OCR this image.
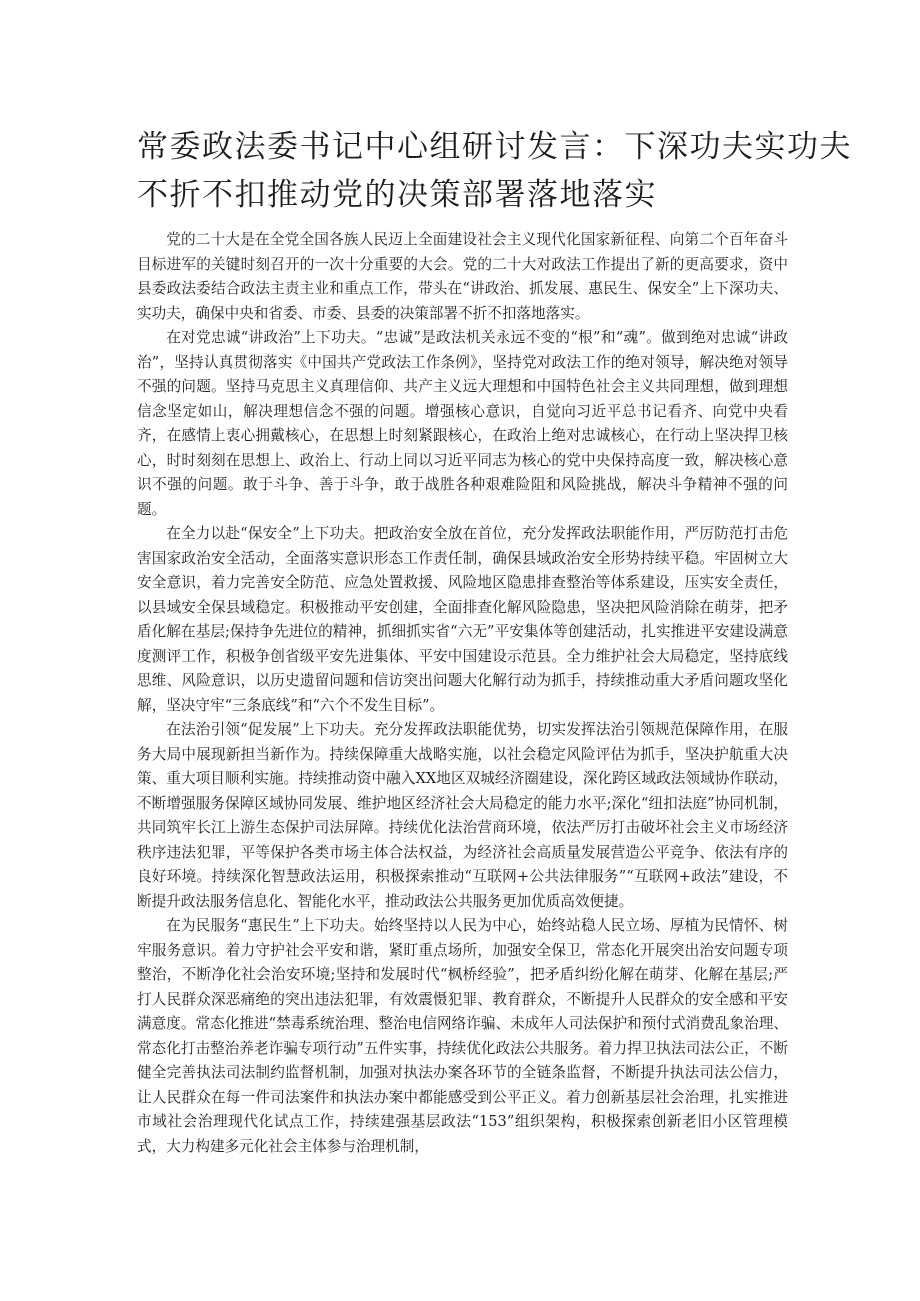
常委政法委书记中心组研讨发言：下深功夫实功夫
不折不扣推动党的决策部署落地落实

党的二十大是在全党全国各族人民迈上全面建设社会主义现代化国家新征程、向第二个百年奋斗目标进军的关键时刻召开的一次十分重要的大会。党的二十大对政法工作提出了新的更高要求，资中县委政法委结合政法主责主业和重点工作，带头在“讲政治、抓发展、惠民生、保安全”上下深功夫、实功夫，确保中央和省委、市委、县委的决策部署不折不扣落地落实。

在对党忠诚“讲政治”上下功夫。“忠诚”是政法机关永远不变的“根”和“魂”。做到绝对忠诚“讲政治”，坚持认真贯彻落实《中国共产党政法工作条例》，坚持党对政法工作的绝对领导，解决绝对领导不强的问题。坚持马克思主义真理信仰、共产主义远大理想和中国特色社会主义共同理想，做到理想信念坚定如山，解决理想信念不强的问题。增强核心意识，自觉向习近平总书记看齐、向党中央看齐，在感情上衷心拥戴核心，在思想上时刻紧跟核心，在政治上绝对忠诚核心，在行动上坚决捍卫核心，时时刻刻在思想上、政治上、行动上同以习近平同志为核心的党中央保持高度一致，解决核心意识不强的问题。敢于斗争、善于斗争，敢于战胜各种艰难险阻和风险挑战，解决斗争精神不强的问题。

在全力以赴“保安全”上下功夫。把政治安全放在首位，充分发挥政法职能作用，严厉防范打击危害国家政治安全活动，全面落实意识形态工作责任制，确保县域政治安全形势持续平稳。牢固树立大安全意识，着力完善安全防范、应急处置救援、风险地区隐患排查整治等体系建设，压实安全责任，以县域安全保县域稳定。积极推动平安创建，全面排查化解风险隐患，坚决把风险消除在萌芽，把矛盾化解在基层;保持争先进位的精神，抓细抓实省“六无”平安集体等创建活动，扎实推进平安建设满意度测评工作，积极争创省级平安先进集体、平安中国建设示范县。全力维护社会大局稳定，坚持底线思维、风险意识，以历史遗留问题和信访突出问题大化解行动为抓手，持续推动重大矛盾问题攻坚化解，坚决守牢“三条底线”和“六个不发生目标”。

在法治引领“促发展”上下功夫。充分发挥政法职能优势，切实发挥法治引领规范保障作用，在服务大局中展现新担当新作为。持续保障重大战略实施，以社会稳定风险评估为抓手，坚决护航重大决策、重大项目顺利实施。持续推动资中融入XX地区双城经济圈建设，深化跨区域政法领域协作联动，不断增强服务保障区域协同发展、维护地区经济社会大局稳定的能力水平;深化“纽扣法庭”协同机制，共同筑牢长江上游生态保护司法屏障。持续优化法治营商环境，依法严厉打击破坏社会主义市场经济秩序违法犯罪，平等保护各类市场主体合法权益，为经济社会高质量发展营造公平竞争、依法有序的良好环境。持续深化智慧政法运用，积极探索推动“互联网+公共法律服务”“互联网+政法”建设，不断提升政法服务信息化、智能化水平，推动政法公共服务更加优质高效便捷。

在为民服务“惠民生”上下功夫。始终坚持以人民为中心，始终站稳人民立场、厚植为民情怀、树牢服务意识。着力守护社会平安和谐，紧盯重点场所，加强安全保卫，常态化开展突出治安问题专项整治，不断净化社会治安环境;坚持和发展时代“枫桥经验”，把矛盾纠纷化解在萌芽、化解在基层;严打人民群众深恶痛绝的突出违法犯罪，有效震慑犯罪、教育群众，不断提升人民群众的安全感和平安满意度。常态化推进“禁毒系统治理、整治电信网络诈骗、未成年人司法保护和预付式消费乱象治理、常态化打击整治养老诈骗专项行动”五件实事，持续优化政法公共服务。着力捍卫执法司法公正，不断健全完善执法司法制约监督机制，加强对执法办案各环节的全链条监督，不断提升执法司法公信力，让人民群众在每一件司法案件和执法办案中都能感受到公平正义。着力创新基层社会治理，扎实推进市域社会治理现代化试点工作，持续建强基层政法“153”组织架构，积极探索创新老旧小区管理模式，大力构建多元化社会主体参与治理机制，
